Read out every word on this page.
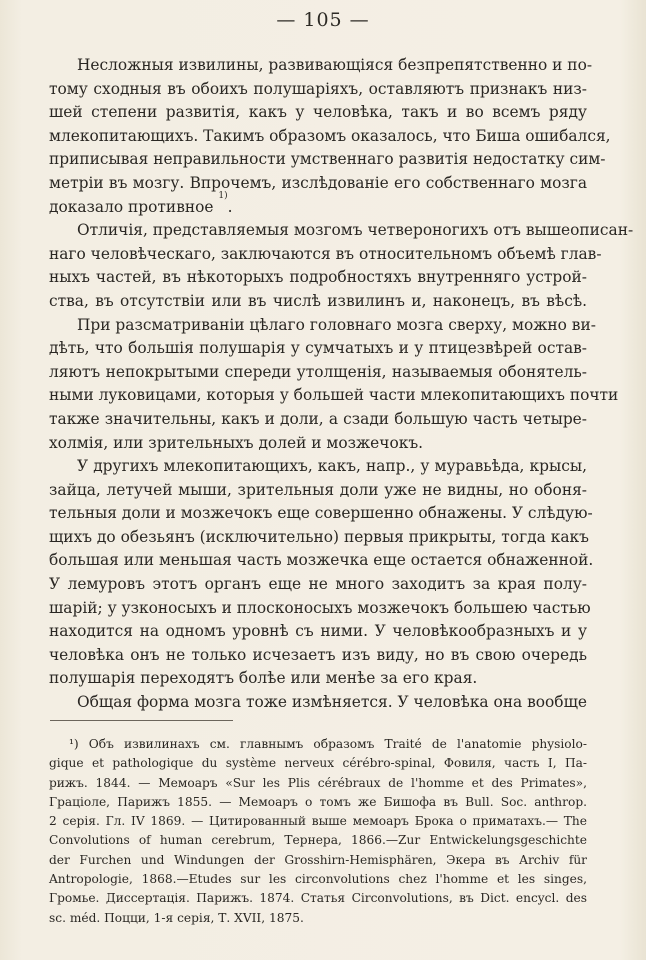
— 105 —
Несложныя извилины, развивающіяся безпрепятственно и по-
тому сходныя въ обоихъ полушаріяхъ, оставляютъ признакъ низ-
шей степени развитія, какъ у человѣка, такъ и во всемъ ряду
млекопитающихъ. Такимъ образомъ оказалось, что Биша ошибался,
приписывая неправильности умственнаго развитія недостатку сим-
метріи въ мозгу. Впрочемъ, изслѣдованіе его собственнаго мозга
доказало противное $^{1)}$.
Отличія, представляемыя мозгомъ четвероногихъ отъ вышеописан-
наго человѣческаго, заключаются въ относительномъ объемѣ глав-
ныхъ частей, въ нѣкоторыхъ подробностяхъ внутренняго устрой-
ства, въ отсутствіи или въ числѣ извилинъ и, наконецъ, въ вѣсѣ.
При разсматриваніи цѣлаго головнаго мозга сверху, можно ви-
дѣть, что большія полушарія у сумчатыхъ и у птицезвѣрей остав-
ляютъ непокрытыми спереди утолщенія, называемыя обонятель-
ными луковицами, которыя у большей части млекопитающихъ почти
также значительны, какъ и доли, а сзади большую часть четыре-
холмія, или зрительныхъ долей и мозжечокъ.
У другихъ млекопитающихъ, какъ, напр., у муравьѣда, крысы,
зайца, летучей мыши, зрительныя доли уже не видны, но обоня-
тельныя доли и мозжечокъ еще совершенно обнажены. У слѣдую-
щихъ до обезьянъ (исключительно) первыя прикрыты, тогда какъ
большая или меньшая часть мозжечка еще остается обнаженной.
У лемуровъ этотъ органъ еще не много заходитъ за края полу-
шарій; у узконосыхъ и плосконосыхъ мозжечокъ большею частью
находится на одномъ уровнѣ съ ними. У человѣкообразныхъ и у
человѣка онъ не только исчезаетъ изъ виду, но въ свою очередь
полушарія переходятъ болѣе или менѣе за его края.
Общая форма мозга тоже измѣняется. У человѣка она вообще
¹) Объ извилинахъ см. главнымъ образомъ Traité de l'anatomie physiolo-
gique et pathologique du système nerveux cérébro-spinal, Фовиля, часть I, Па-
рижъ. 1844. — Мемоаръ «Sur les Plis cérébraux de l'homme et des Primates»,
Граціоле, Парижъ 1855. — Мемоаръ о томъ же Бишофа въ Bull. Soc. anthrop.
2 серія. Гл. IV 1869. — Цитированный выше мемоаръ Брока о приматахъ.— The
Convolutions of human cerebrum, Тернера, 1866.—Zur Entwickelungsgeschichte
der Furchen und Windungen der Grosshirn-Hemisphären, Экера въ Archiv für
Antropologie, 1868.—Etudes sur les circonvolutions chez l'homme et les singes,
Громье. Диссертація. Парижъ. 1874. Статья Circonvolutions, въ Dict. encycl. des
sc. méd. Поцци, 1-я серія, Т. XVII, 1875.
